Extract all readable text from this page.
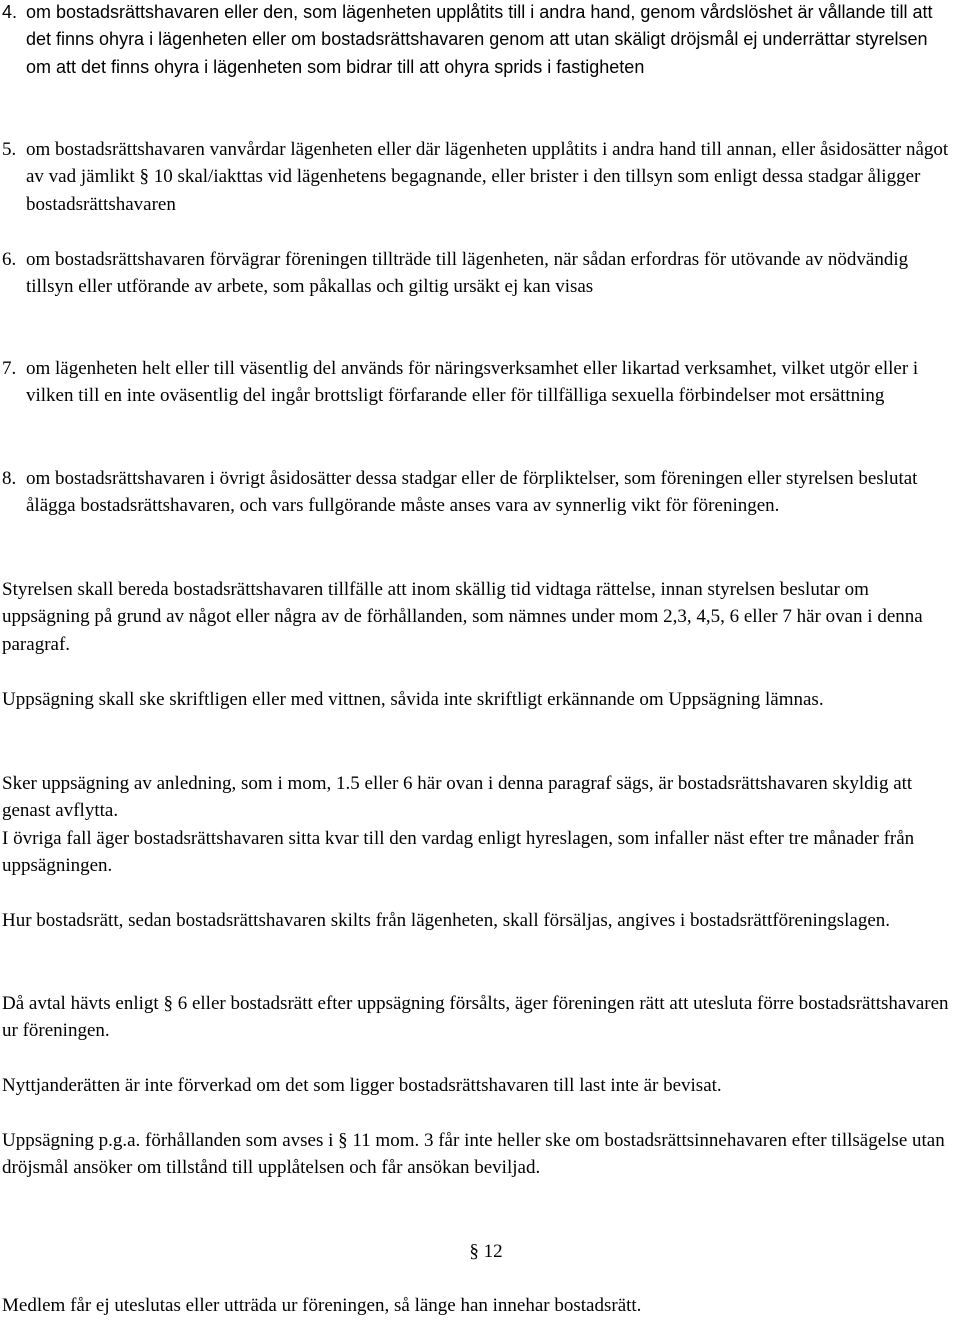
4. om bostadsrättshavaren eller den, som lägenheten upplåtits till i andra hand, genom vårdslöshet är vållande till att det finns ohyra i lägenheten eller om bostadsrättshavaren genom att utan skäligt dröjsmål ej underrättar styrelsen om att det finns ohyra i lägenheten som bidrar till att ohyra sprids i fastigheten
5. om bostadsrättshavaren vanvårdar lägenheten eller där lägenheten upplåtits i andra hand till annan, eller åsidosätter något av vad jämlikt § 10 skal/iakttas vid lägenhetens begagnande, eller brister i den tillsyn som enligt dessa stadgar åligger bostadsrättshavaren
6. om bostadsrättshavaren förvägrar föreningen tillträde till lägenheten, när sådan erfordras för utövande av nödvändig tillsyn eller utförande av arbete, som påkallas och giltig ursäkt ej kan visas
7. om lägenheten helt eller till väsentlig del används för näringsverksamhet eller likartad verksamhet, vilket utgör eller i vilken till en inte oväsentlig del ingår brottsligt förfarande eller för tillfälliga sexuella förbindelser mot ersättning
8. om bostadsrättshavaren i övrigt åsidosätter dessa stadgar eller de förpliktelser, som föreningen eller styrelsen beslutat ålägga bostadsrättshavaren, och vars fullgörande måste anses vara av synnerlig vikt för föreningen.

Styrelsen skall bereda bostadsrättshavaren tillfälle att inom skällig tid vidtaga rättelse, innan styrelsen beslutar om uppsägning på grund av något eller några av de förhållanden, som nämnes under mom 2,3, 4,5, 6 eller 7 här ovan i denna paragraf.

Uppsägning skall ske skriftligen eller med vittnen, såvida inte skriftligt erkännande om Uppsägning lämnas.

Sker uppsägning av anledning, som i mom, 1.5 eller 6 här ovan i denna paragraf sägs, är bostadsrättshavaren skyldig att genast avflytta.

I övriga fall äger bostadsrättshavaren sitta kvar till den vardag enligt hyreslagen, som infaller näst efter tre månader från uppsägningen.

Hur bostadsrätt, sedan bostadsrättshavaren skilts från lägenheten, skall försäljas, angives i bostadsrättföreningslagen.

Då avtal hävts enligt § 6 eller bostadsrätt efter uppsägning försålts, äger föreningen rätt att utesluta förre bostadsrättshavaren ur föreningen.

Nyttjanderätten är inte förverkad om det som ligger bostadsrättshavaren till last inte är bevisat.

Uppsägning p.g.a. förhållanden som avses i § 11 mom. 3 får inte heller ske om bostadsrättsinnehavaren efter tillsägelse utan dröjsmål ansöker om tillstånd till upplåtelsen och får ansökan beviljad.

§ 12

Medlem får ej uteslutas eller utträda ur föreningen, så länge han innehar bostadsrätt.
